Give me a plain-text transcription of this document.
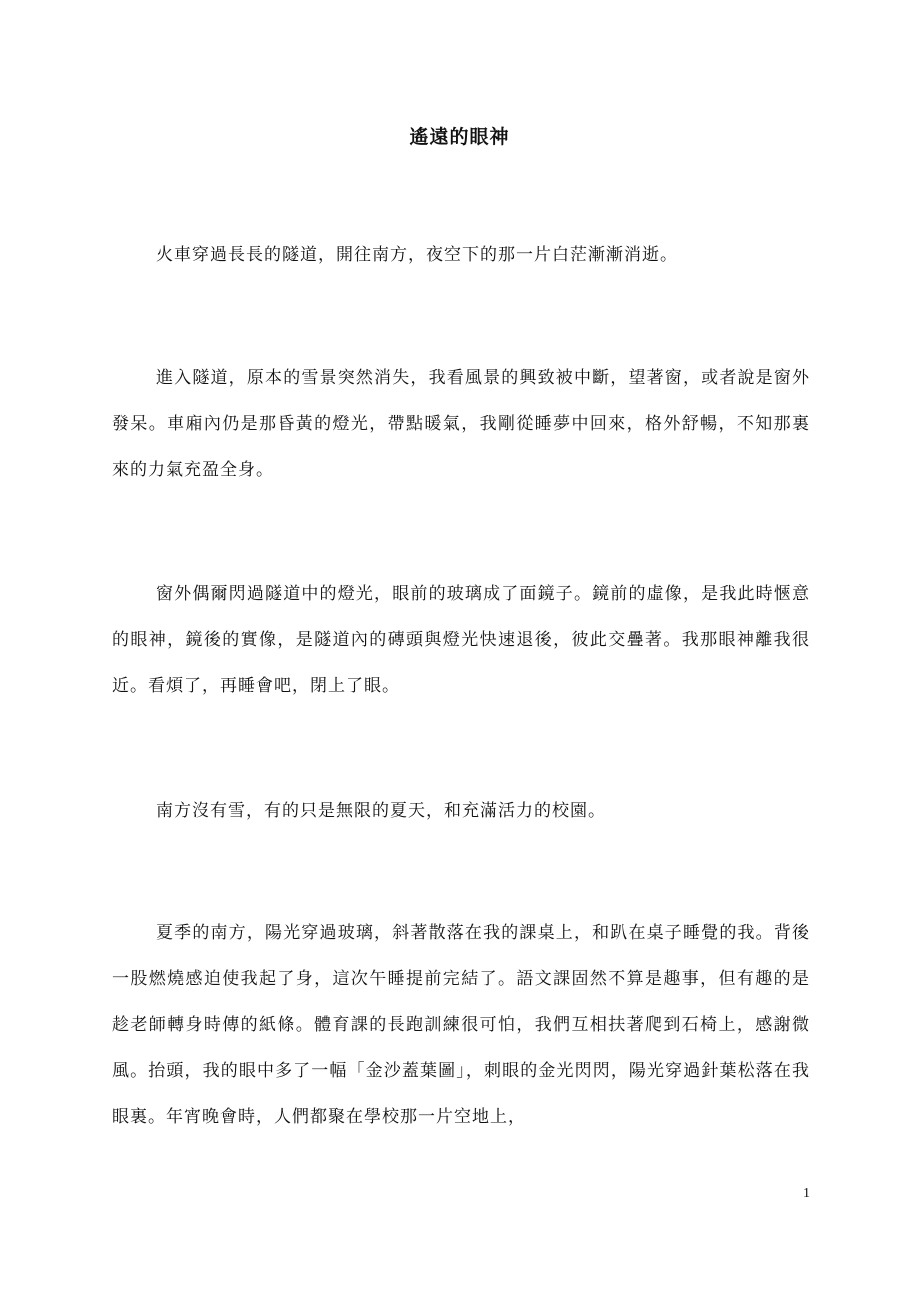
遙遠的眼神

火車穿過長長的隧道，開往南方，夜空下的那一片白茫漸漸消逝。

進入隧道，原本的雪景突然消失，我看風景的興致被中斷，望著窗，或者說是窗外發呆。車廂內仍是那昏黃的燈光，帶點暖氣，我剛從睡夢中回來，格外舒暢，不知那裏來的力氣充盈全身。

窗外偶爾閃過隧道中的燈光，眼前的玻璃成了面鏡子。鏡前的虛像，是我此時愜意的眼神，鏡後的實像，是隧道內的磚頭與燈光快速退後，彼此交疊著。我那眼神離我很近。看煩了，再睡會吧，閉上了眼。

南方沒有雪，有的只是無限的夏天，和充滿活力的校園。

夏季的南方，陽光穿過玻璃，斜著散落在我的課桌上，和趴在桌子睡覺的我。背後一股燃燒感迫使我起了身，這次午睡提前完結了。語文課固然不算是趣事，但有趣的是趁老師轉身時傳的紙條。體育課的長跑訓練很可怕，我們互相扶著爬到石椅上，感謝微風。抬頭，我的眼中多了一幅「金沙蓋葉圖」，刺眼的金光閃閃，陽光穿過針葉松落在我眼裏。年宵晚會時，人們都聚在學校那一片空地上，

1
